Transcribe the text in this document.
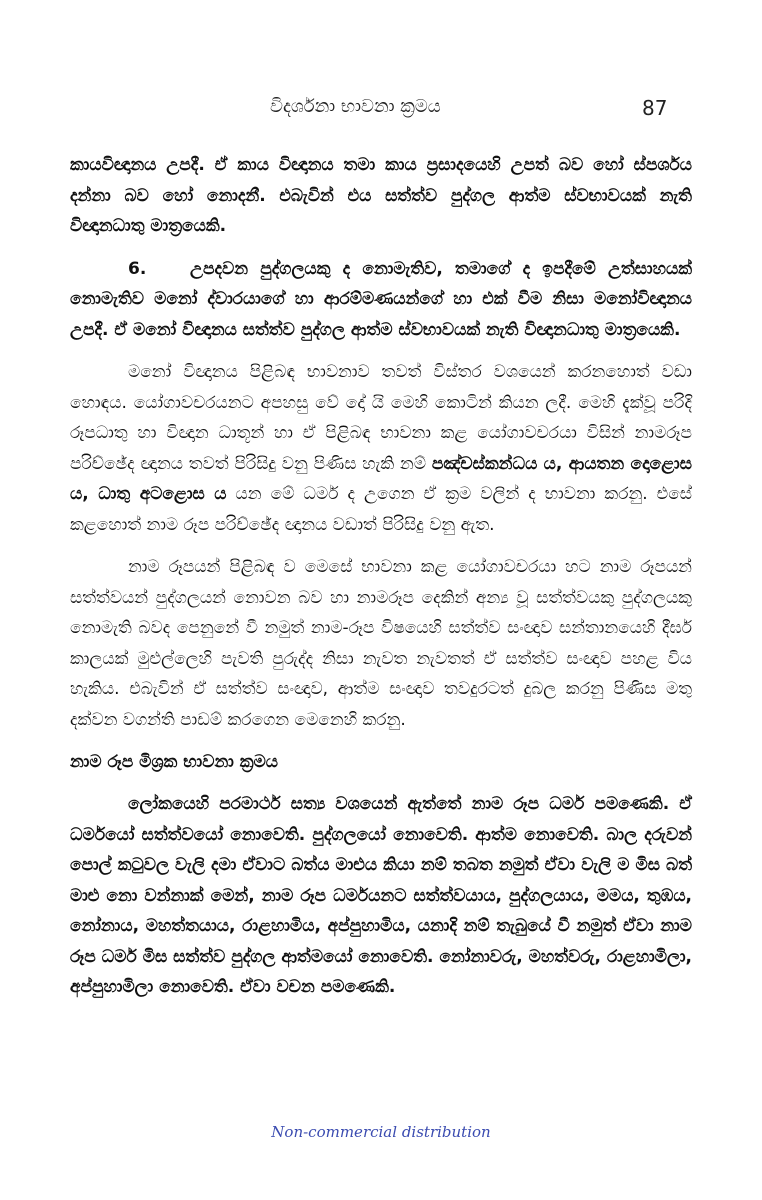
විදර්ශනා භාවනා ක්‍රමය	87

කායවිඥානය උපදී. ඒ කාය විඥානය තමා කාය ප්‍රසාදයෙහි උපත් බව හෝ ස්පර්ශය දන්නා බව හෝ නොදනී. එබැවින් එය සත්ත්ව පුද්ගල ආත්ම ස්වභාවයක් නැති විඥානධාතු මාත්‍රයෙකි.

6.	උපදවන පුද්ගලයකු ද නොමැතිව, තමාගේ ද ඉපදීමේ උත්සාහයක් නොමැතිව මනෝ ද්වාරයාගේ හා ආරම්මණයන්ගේ හා එක් වීම නිසා මනෝවිඥානය උපදී. ඒ මනෝ විඥානය සත්ත්ව පුද්ගල ආත්ම ස්වභාවයක් නැති විඥානධාතු මාත්‍රයෙකි.

මනෝ විඥානය පිළිබඳ භාවනාව තවත් විස්තර වශයෙන් කරනහොත් වඩා හොඳය. යෝගාවචරයනට අපහසු වේ දෝ යි මෙහි කොටින් කියන ලදී. මෙහි දැක්වූ පරිදි රූපධාතු හා විඥාන ධාතූන් හා ඒ පිළිබඳ භාවනා කළ යෝගාවචරයා විසින් නාමරූප පරිච්ඡේද ඥානය තවත් පිරිසිදු වනු පිණිස හැකි නම් පඤ්චස්කන්ධය ය, ආයතන දොළොස ය, ධාතු අටළොස ය යන මේ ධර්ම ද උගෙන ඒ ක්‍රම වලින් ද භාවනා කරනු. එසේ කළහොත් නාම රූප පරිච්ඡේද ඥානය වඩාත් පිරිසිදු වනු ඇත.

නාම රූපයන් පිළිබඳ ව මෙසේ භාවනා කළ යෝගාවචරයා හට නාම රූපයන් සත්ත්වයන් පුද්ගලයන් නොවන බව හා නාමරූප දෙකින් අන්‍ය වූ සත්ත්වයකු පුද්ගලයකු නොමැති බවද පෙනුනේ වී නමුත් නාම-රූප විෂයෙහි සත්ත්ව සංඥාව සන්තානයෙහි දීර්ඝ කාලයක් මුළුල්ලෙහි පැවති පුරුද්ද නිසා නැවත නැවතත් ඒ සත්ත්ව සංඥාව පහළ විය හැකිය. එබැවින් ඒ සත්ත්ව සංඥාව, ආත්ම සංඥාව තවදුරටත් දුබල කරනු පිණිස මතු දක්වන වගන්ති පාඩම් කරගෙන මෙනෙහි කරනු.

නාම රූප මිශ්‍රක භාවනා ක්‍රමය

ලෝකයෙහි පරමාර්ථ සත්‍ය වශයෙන් ඇත්තේ නාම රූප ධර්ම පමණෙකි. ඒ ධර්මයෝ සත්ත්වයෝ නොවෙති. පුද්ගලයෝ නොවෙති. ආත්ම නොවෙති. බාල දරුවන් පොල් කටුවල වැලි දමා ඒවාට බත්ය මාළුය කියා නම් තබත නමුත් ඒවා වැලි ම මිස බත් මාළු නො වන්නාක් මෙන්, නාම රූප ධර්මයනට සත්ත්වයාය, පුද්ගලයාය, මමය, තුඹය, නෝනාය, මහත්තයාය, රාළහාමිය, අප්පුහාමිය, යනාදි නම් තැබුයේ වී නමුත් ඒවා නාම රූප ධර්ම මිස සත්ත්ව පුද්ගල ආත්මයෝ නොවෙති. නෝනාවරු, මහත්වරු, රාළහාමිලා, අප්පුහාමිලා නොවෙති. ඒවා වචන පමණෙකි.

Non-commercial distribution
